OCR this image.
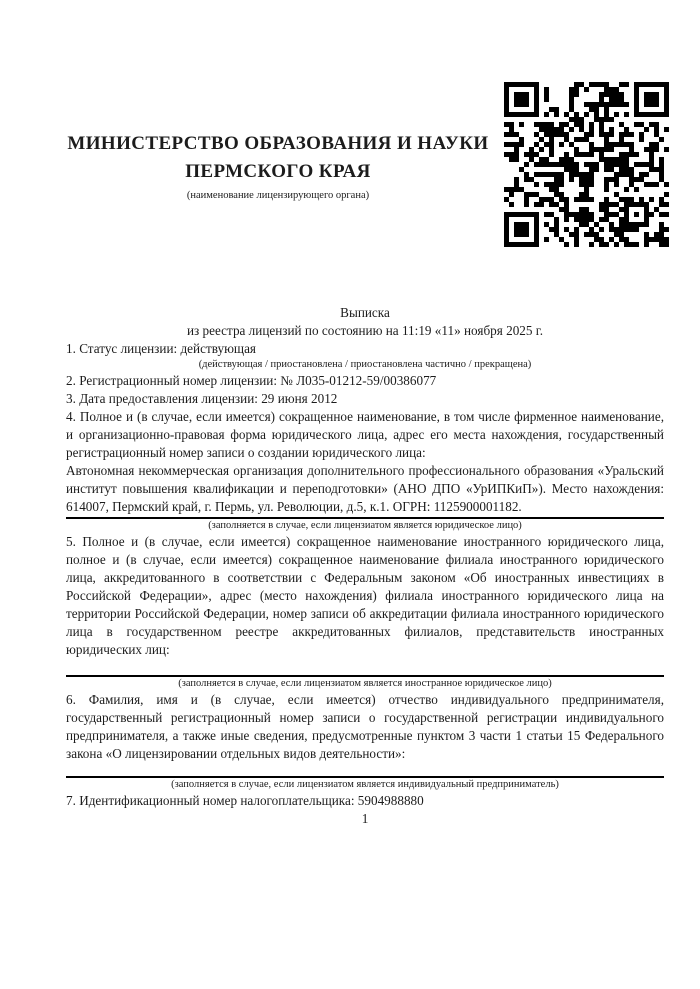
МИНИСТЕРСТВО ОБРАЗОВАНИЯ И НАУКИ
ПЕРМСКОГО КРАЯ
(наименование лицензирующего органа)

Выписка

из реестра лицензий по состоянию на 11:19 «11» ноября 2025 г.

1. Статус лицензии: действующая

(действующая / приостановлена / приостановлена частично / прекращена)

2. Регистрационный номер лицензии: № Л035-01212-59/00386077

3. Дата предоставления лицензии: 29 июня 2012

4. Полное и (в случае, если имеется) сокращенное наименование, в том числе фирменное наименование, и организационно-правовая форма юридического лица, адрес его места нахождения, государственный регистрационный номер записи о создании юридического лица:

Автономная некоммерческая организация дополнительного профессионального образования «Уральский институт повышения квалификации и переподготовки» (АНО ДПО «УрИПКиП»). Место нахождения: 614007, Пермский край, г. Пермь, ул. Революции, д.5, к.1. ОГРН: 1125900001182.

(заполняется в случае, если лицензиатом является юридическое лицо)

5. Полное и (в случае, если имеется) сокращенное наименование иностранного юридического лица, полное и (в случае, если имеется) сокращенное наименование филиала иностранного юридического лица, аккредитованного в соответствии с Федеральным законом «Об иностранных инвестициях в Российской Федерации», адрес (место нахождения) филиала иностранного юридического лица на территории Российской Федерации, номер записи об аккредитации филиала иностранного юридического лица в государственном реестре аккредитованных филиалов, представительств иностранных юридических лиц:

(заполняется в случае, если лицензиатом является иностранное юридическое лицо)

6. Фамилия, имя и (в случае, если имеется) отчество индивидуального предпринимателя, государственный регистрационный номер записи о государственной регистрации индивидуального предпринимателя, а также иные сведения, предусмотренные пунктом 3 части 1 статьи 15 Федерального закона «О лицензировании отдельных видов деятельности»:

(заполняется в случае, если лицензиатом является индивидуальный предприниматель)

7. Идентификационный номер налогоплательщика: 5904988880

1
